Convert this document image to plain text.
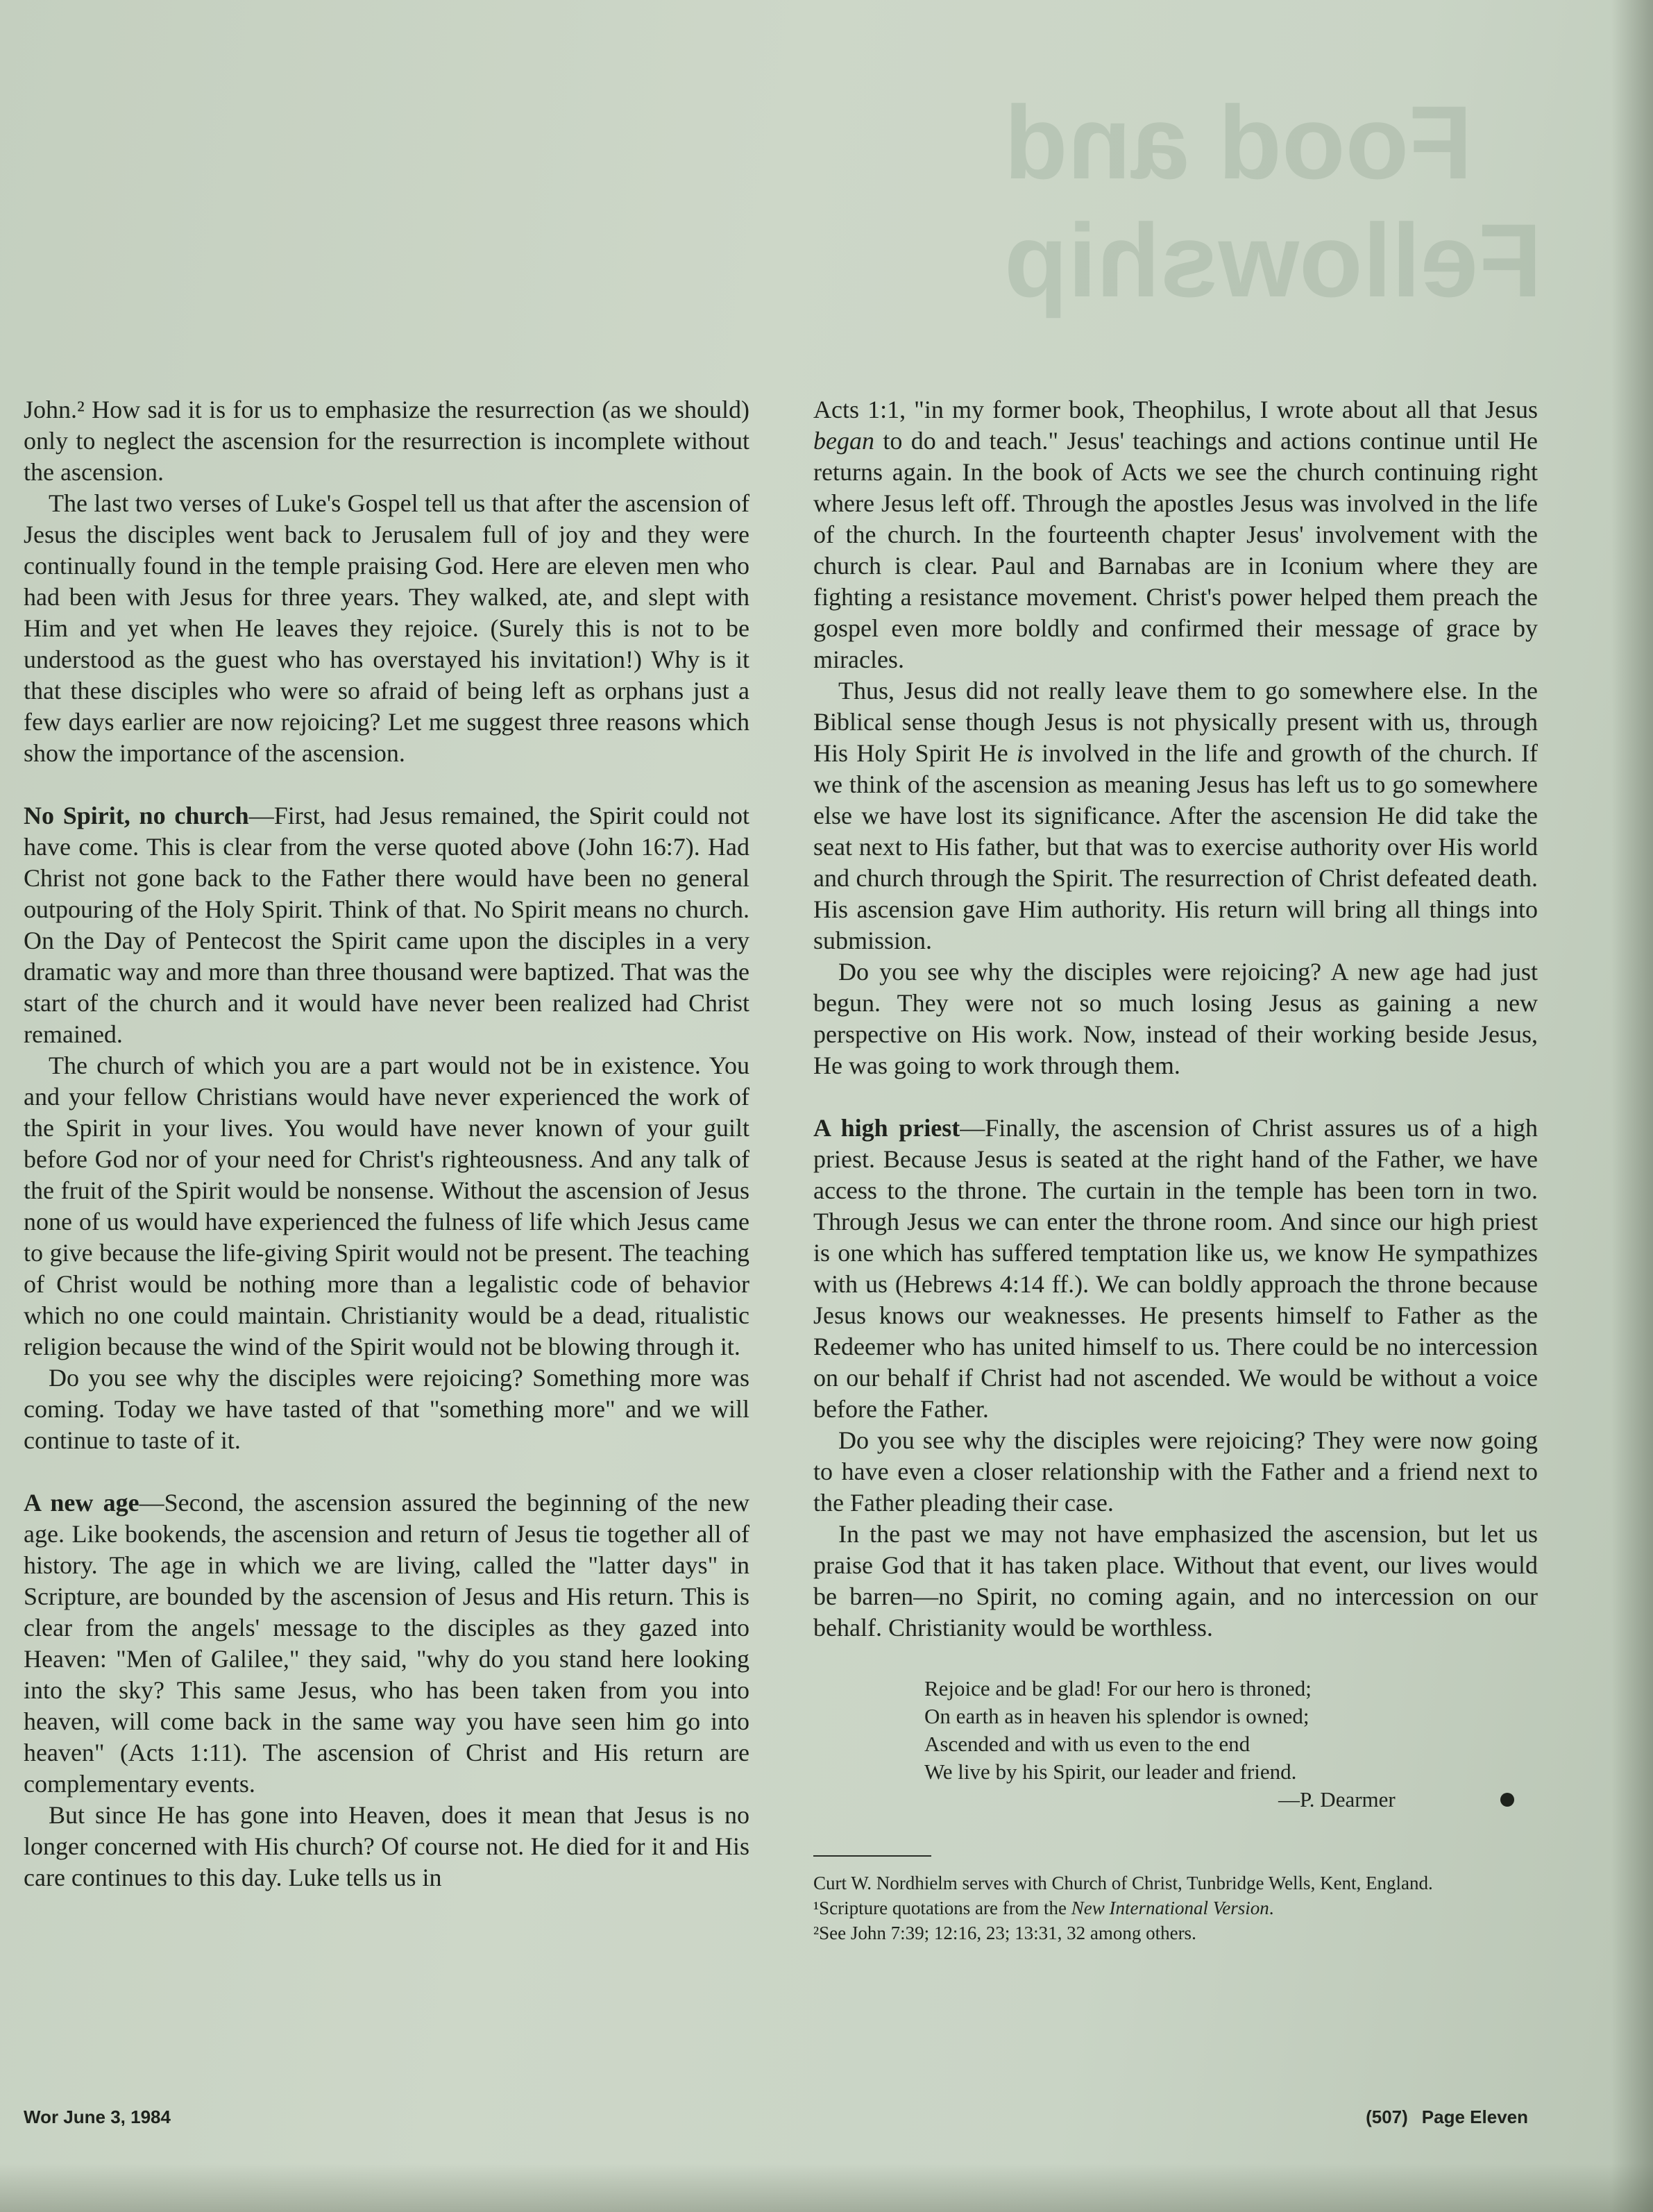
Food and
Fellowship

John.² How sad it is for us to emphasize the resurrection (as we should) only to neglect the ascension for the resurrection is incomplete without the ascension.

The last two verses of Luke's Gospel tell us that after the ascension of Jesus the disciples went back to Jerusalem full of joy and they were continually found in the temple praising God. Here are eleven men who had been with Jesus for three years. They walked, ate, and slept with Him and yet when He leaves they rejoice. (Surely this is not to be understood as the guest who has overstayed his invitation!) Why is it that these disciples who were so afraid of being left as orphans just a few days earlier are now rejoicing? Let me suggest three reasons which show the importance of the ascension.

No Spirit, no church—First, had Jesus remained, the Spirit could not have come. This is clear from the verse quoted above (John 16:7). Had Christ not gone back to the Father there would have been no general outpouring of the Holy Spirit. Think of that. No Spirit means no church. On the Day of Pentecost the Spirit came upon the disciples in a very dramatic way and more than three thousand were baptized. That was the start of the church and it would have never been realized had Christ remained.

The church of which you are a part would not be in existence. You and your fellow Christians would have never experienced the work of the Spirit in your lives. You would have never known of your guilt before God nor of your need for Christ's righteousness. And any talk of the fruit of the Spirit would be nonsense. Without the ascension of Jesus none of us would have experienced the fulness of life which Jesus came to give because the life-giving Spirit would not be present. The teaching of Christ would be nothing more than a legalistic code of behavior which no one could maintain. Christianity would be a dead, ritualistic religion because the wind of the Spirit would not be blowing through it.

Do you see why the disciples were rejoicing? Something more was coming. Today we have tasted of that "something more" and we will continue to taste of it.

A new age—Second, the ascension assured the beginning of the new age. Like bookends, the ascension and return of Jesus tie together all of history. The age in which we are living, called the "latter days" in Scripture, are bounded by the ascension of Jesus and His return. This is clear from the angels' message to the disciples as they gazed into Heaven: "Men of Galilee," they said, "why do you stand here looking into the sky? This same Jesus, who has been taken from you into heaven, will come back in the same way you have seen him go into heaven" (Acts 1:11). The ascension of Christ and His return are complementary events.

But since He has gone into Heaven, does it mean that Jesus is no longer concerned with His church? Of course not. He died for it and His care continues to this day. Luke tells us in

Acts 1:1, "in my former book, Theophilus, I wrote about all that Jesus began to do and teach." Jesus' teachings and actions continue until He returns again. In the book of Acts we see the church continuing right where Jesus left off. Through the apostles Jesus was involved in the life of the church. In the fourteenth chapter Jesus' involvement with the church is clear. Paul and Barnabas are in Iconium where they are fighting a resistance movement. Christ's power helped them preach the gospel even more boldly and confirmed their message of grace by miracles.

Thus, Jesus did not really leave them to go somewhere else. In the Biblical sense though Jesus is not physically present with us, through His Holy Spirit He is involved in the life and growth of the church. If we think of the ascension as meaning Jesus has left us to go somewhere else we have lost its significance. After the ascension He did take the seat next to His father, but that was to exercise authority over His world and church through the Spirit. The resurrection of Christ defeated death. His ascension gave Him authority. His return will bring all things into submission.

Do you see why the disciples were rejoicing? A new age had just begun. They were not so much losing Jesus as gaining a new perspective on His work. Now, instead of their working beside Jesus, He was going to work through them.

A high priest—Finally, the ascension of Christ assures us of a high priest. Because Jesus is seated at the right hand of the Father, we have access to the throne. The curtain in the temple has been torn in two. Through Jesus we can enter the throne room. And since our high priest is one which has suffered temptation like us, we know He sympathizes with us (Hebrews 4:14 ff.). We can boldly approach the throne because Jesus knows our weaknesses. He presents himself to Father as the Redeemer who has united himself to us. There could be no intercession on our behalf if Christ had not ascended. We would be without a voice before the Father.

Do you see why the disciples were rejoicing? They were now going to have even a closer relationship with the Father and a friend next to the Father pleading their case.

In the past we may not have emphasized the ascension, but let us praise God that it has taken place. Without that event, our lives would be barren—no Spirit, no coming again, and no intercession on our behalf. Christianity would be worthless.

Rejoice and be glad! For our hero is throned;
On earth as in heaven his splendor is owned;
Ascended and with us even to the end
We live by his Spirit, our leader and friend.
—P. Dearmer

Curt W. Nordhielm serves with Church of Christ, Tunbridge Wells, Kent, England.

¹Scripture quotations are from the New International Version.

²See John 7:39; 12:16, 23; 13:31, 32 among others.

Wor June 3, 1984	(507) Page Eleven
